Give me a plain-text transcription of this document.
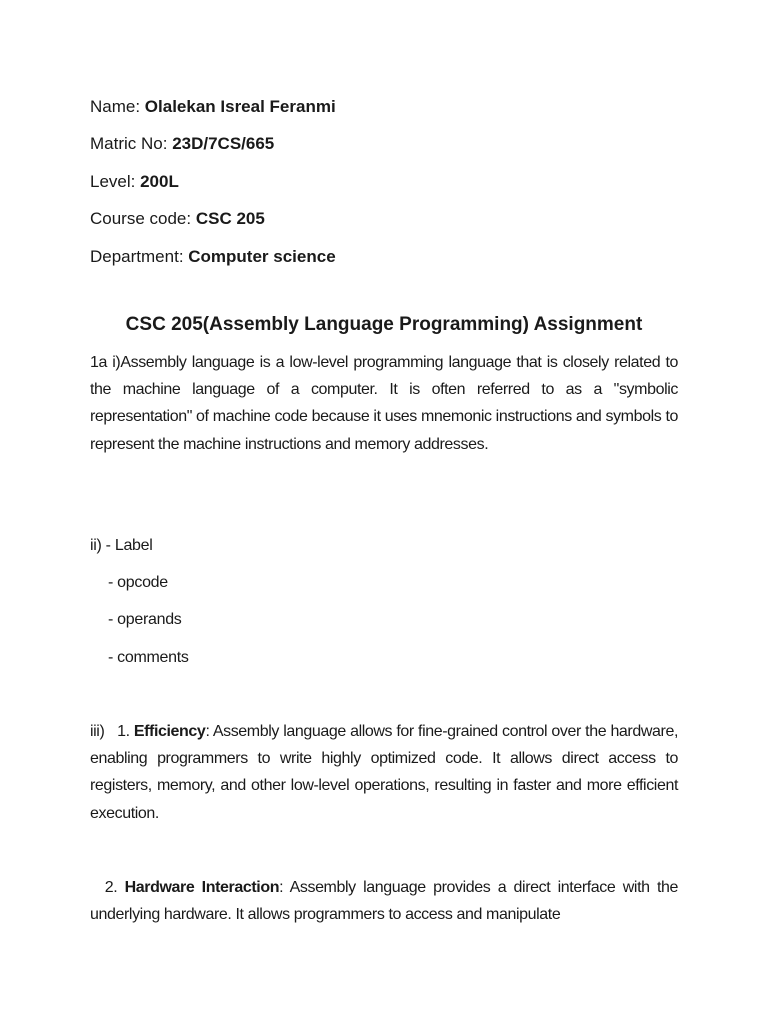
Name: Olalekan Isreal Feranmi
Matric No: 23D/7CS/665
Level: 200L
Course code: CSC 205
Department: Computer science
CSC 205(Assembly Language Programming) Assignment
1a i)Assembly language is a low-level programming language that is closely related to the machine language of a computer. It is often referred to as a "symbolic representation" of machine code because it uses mnemonic instructions and symbols to represent the machine instructions and memory addresses.
ii) - Label
- opcode
- operands
- comments
iii)   1. Efficiency: Assembly language allows for fine-grained control over the hardware, enabling programmers to write highly optimized code. It allows direct access to registers, memory, and other low-level operations, resulting in faster and more efficient execution.
2. Hardware Interaction: Assembly language provides a direct interface with the underlying hardware. It allows programmers to access and manipulate
